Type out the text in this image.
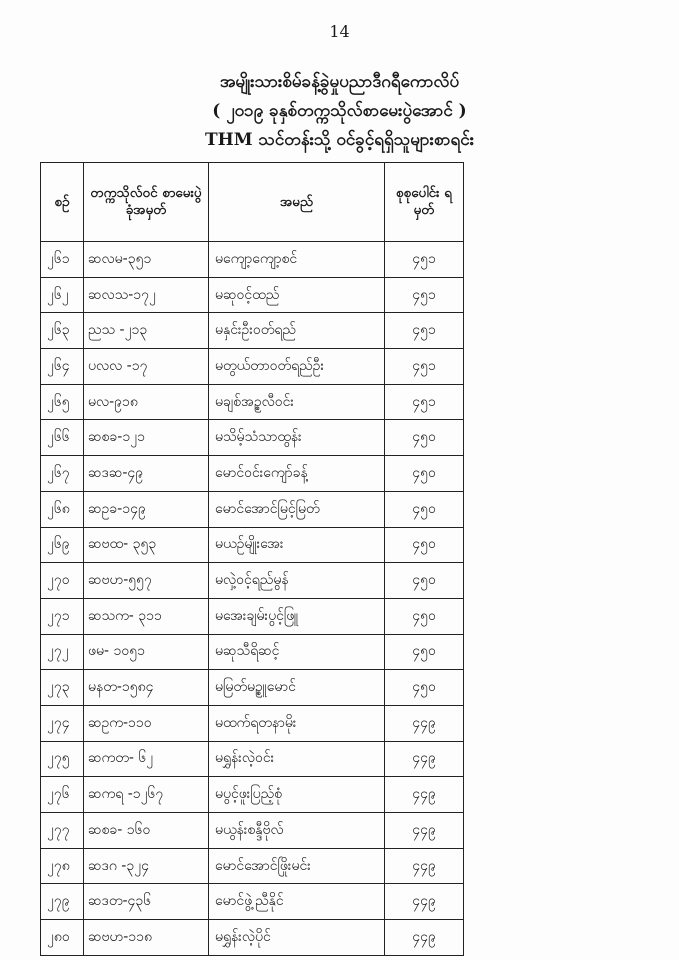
14
အမျိုးသားစိမ်ခန့်ခွဲမှုပညာဒီဂရီကောလိပ်
( ၂၀၁၉ ခုနှစ်တက္ကသိုလ်စာမေးပွဲအောင် )
THM သင်တန်းသို့ ဝင်ခွင့်ရရှိသူများစာရင်း
စဉ်	တက္ကသိုလ်ဝင် စာမေးပွဲ ခုံအမှတ်	အမည်	စုစုပေါင်း ရမှတ်
၂၆၁	ဆလမ-၃၅၁	မကျော့ကျော့စင်	၄၅၁
၂၆၂	ဆလသ-၁၇၂	မဆုဝင့်ထည်	၄၅၁
၂၆၃	ညသ -၂၁၃	မနှင်းဦးဝတ်ရည်	၄၅၁
၂၆၄	ပလလ -၁၇	မတွယ်တာဝတ်ရည်ဦး	၄၅၁
၂၆၅	မလ-၉၁၈	မချစ်အဥ္စလီဝင်း	၄၅၁
၂၆၆	ဆစခ-၁၂၁	မသိမ့်သံသာထွန်း	၄၅၀
၂၆၇	ဆဒဆ-၄၉	မောင်ဝင်းကျော်ခန့်	၄၅၀
၂၆၈	ဆဥခ-၁၄၉	မောင်အောင်မြင့်မြတ်	၄၅၀
၂၆၉	ဆဗထ- ၃၅၃	မယဉ်မျိုးအေး	၄၅၀
၂၇၀	ဆဗဟ-၅၅၇	မလှဲ့ဝင့်ရည်မွန်	၄၅၀
၂၇၁	ဆသက- ၃၁၁	မအေးချမ်းပွင့်ဖြူ	၄၅၀
၂၇၂	ဖမ- ၁၀၅၁	မဆုသီရိဆင့်	၄၅၀
၂၇၃	မနတ-၁၅၈၄	မမြတ်မဥ္စူမောင်	၄၅၀
၂၇၄	ဆဥက-၁၁၀	မထက်ရတနာမိုး	၄၄၉
၂၇၅	ဆကတ- ၆၂	မရွှန်းလဲ့ဝင်း	၄၄၉
၂၇၆	ဆကရ -၁၂၆၇	မပွင့်ဖူးပြည့်စုံ	၄၄၉
၂၇၇	ဆစခ- ၁၆၀	မယွန်းစန္ဒီဗိုလ်	၄၄၉
၂၇၈	ဆဒဂ -၃၂၄	မောင်အောင်ဖြိုးမင်း	၄၄၉
၂၇၉	ဆဒတ-၄၃၆	မောင်ဖွဲ့ညီနိုင်	၄၄၉
၂၈၀	ဆဗဟ-၁၁၈	မရွှန်းလဲ့ပိုင်	၄၄၉
